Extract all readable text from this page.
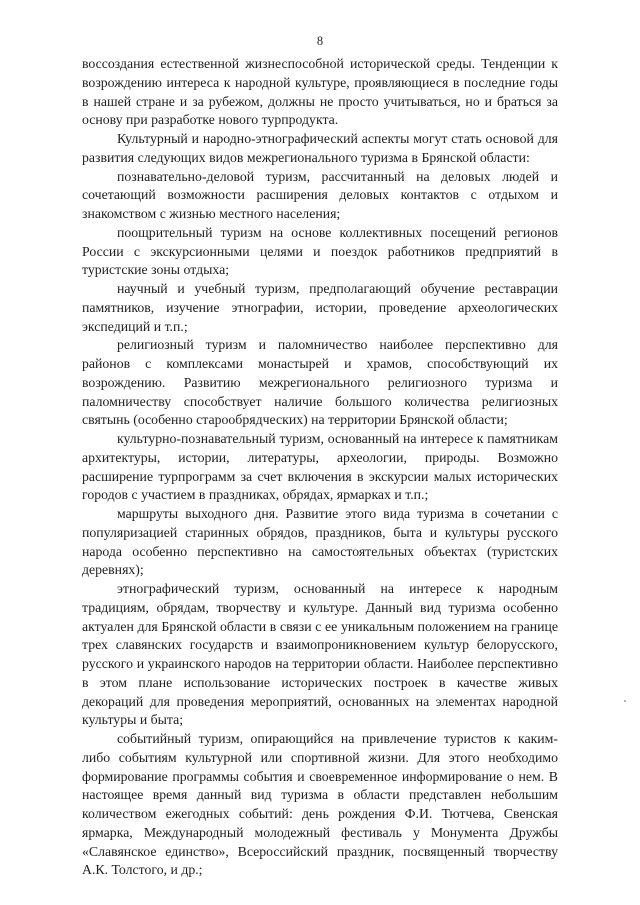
8

воссоздания естественной жизнеспособной исторической среды. Тенденции к возрождению интереса к народной культуре, проявляющиеся в последние годы в нашей стране и за рубежом, должны не просто учитываться, но и браться за основу при разработке нового турпродукта.

Культурный и народно-этнографический аспекты могут стать основой для развития следующих видов межрегионального туризма в Брянской области:

познавательно-деловой туризм, рассчитанный на деловых людей и сочетающий возможности расширения деловых контактов с отдыхом и знакомством с жизнью местного населения;

поощрительный туризм на основе коллективных посещений регионов России с экскурсионными целями и поездок работников предприятий в туристские зоны отдыха;

научный и учебный туризм, предполагающий обучение реставрации памятников, изучение этнографии, истории, проведение археологических экспедиций и т.п.;

религиозный туризм и паломничество наиболее перспективно для районов с комплексами монастырей и храмов, способствующий их возрождению. Развитию межрегионального религиозного туризма и паломничеству способствует наличие большого количества религиозных святынь (особенно старообрядческих) на территории Брянской области;

культурно-познавательный туризм, основанный на интересе к памятникам архитектуры, истории, литературы, археологии, природы. Возможно расширение турпрограмм за счет включения в экскурсии малых исторических городов с участием в праздниках, обрядах, ярмарках и т.п.;

маршруты выходного дня. Развитие этого вида туризма в сочетании с популяризацией старинных обрядов, праздников, быта и культуры русского народа особенно перспективно на самостоятельных объектах (туристских деревнях);

этнографический туризм, основанный на интересе к народным традициям, обрядам, творчеству и культуре. Данный вид туризма особенно актуален для Брянской области в связи с ее уникальным положением на границе трех славянских государств и взаимопроникновением культур белорусского, русского и украинского народов на территории области. Наиболее перспективно в этом плане использование исторических построек в качестве живых декораций для проведения мероприятий, основанных на элементах народной культуры и быта;

событийный туризм, опирающийся на привлечение туристов к каким-либо событиям культурной или спортивной жизни. Для этого необходимо формирование программы события и своевременное информирование о нем. В настоящее время данный вид туризма в области представлен небольшим количеством ежегодных событий: день рождения Ф.И. Тютчева, Свенская ярмарка, Международный молодежный фестиваль у Монумента Дружбы «Славянское единство», Всероссийский праздник, посвященный творчеству А.К. Толстого, и др.;
